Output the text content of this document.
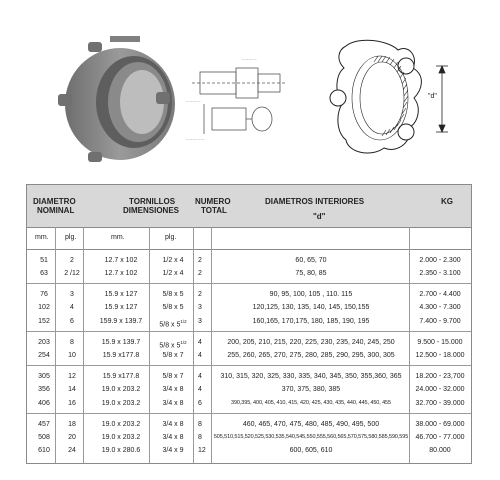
— — — —
— — — —
— — — — —
"d"
DIAMETRO
NOMINAL
TORNILLOS
DIMENSIONES
NUMERO
TOTAL
DIAMETROS INTERIORES	KG
"d"
mm. plg.	mm.	plg.
51	2	12.7 x 102	1/2 x 4	2	60, 65, 70	2.000 - 2.300
63	2 /12	12.7 x 102	1/2 x 4	2	75, 80, 85	2.350 - 3.100
76	3	15.9 x 127	5/8 x 5	2	90, 95, 100, 105 , 110. 115	2.700 - 4.400
102	4	15.9 x 127	5/8 x 5	3	120,125, 130, 135, 140, 145, 150,155	4.300 - 7.300
152	6	159.9 x 139.7	5/8 x $5^{1/2}$	3	160,165, 170,175, 180, 185, 190, 195	7.400 - 9.700
203	8	15.9 x 139.7	5/8 x $5^{1/2}$	4	200, 205, 210, 215, 220, 225, 230, 235, 240, 245, 250	9.500 - 15.000
254	10	15.9 x177.8	5/8 x 7	4	255, 260, 265, 270, 275, 280, 285, 290, 295, 300, 305	12.500 - 18.000
305	12	15.9 x177.8	5/8 x 7	4	310, 315, 320, 325, 330, 335, 340, 345, 350, 355,360, 365	18.200 - 23,700
356	14	19.0 x 203.2	3/4 x 8	4	370, 375, 380, 385	24.000 - 32.000
406	16	19.0 x 203.2	3/4 x 8	6	390,395, 400, 405, 410, 415, 420, 425, 430, 435, 440, 445, 450, 455	32.700 - 39.000
457	18	19.0 x 203.2	3/4 x 8	8	460, 465, 470, 475, 480, 485, 490, 495, 500	38.000 - 69.000
508	20	19.0 x 203.2	3/4 x 8	8	505,510,515,520,525,530,535,540,545,550,555,560,565,570,575,580,585,590,595	46.700 - 77.000
610	24	19.0 x 280.6	3/4 x 9	12	600, 605, 610	80.000
